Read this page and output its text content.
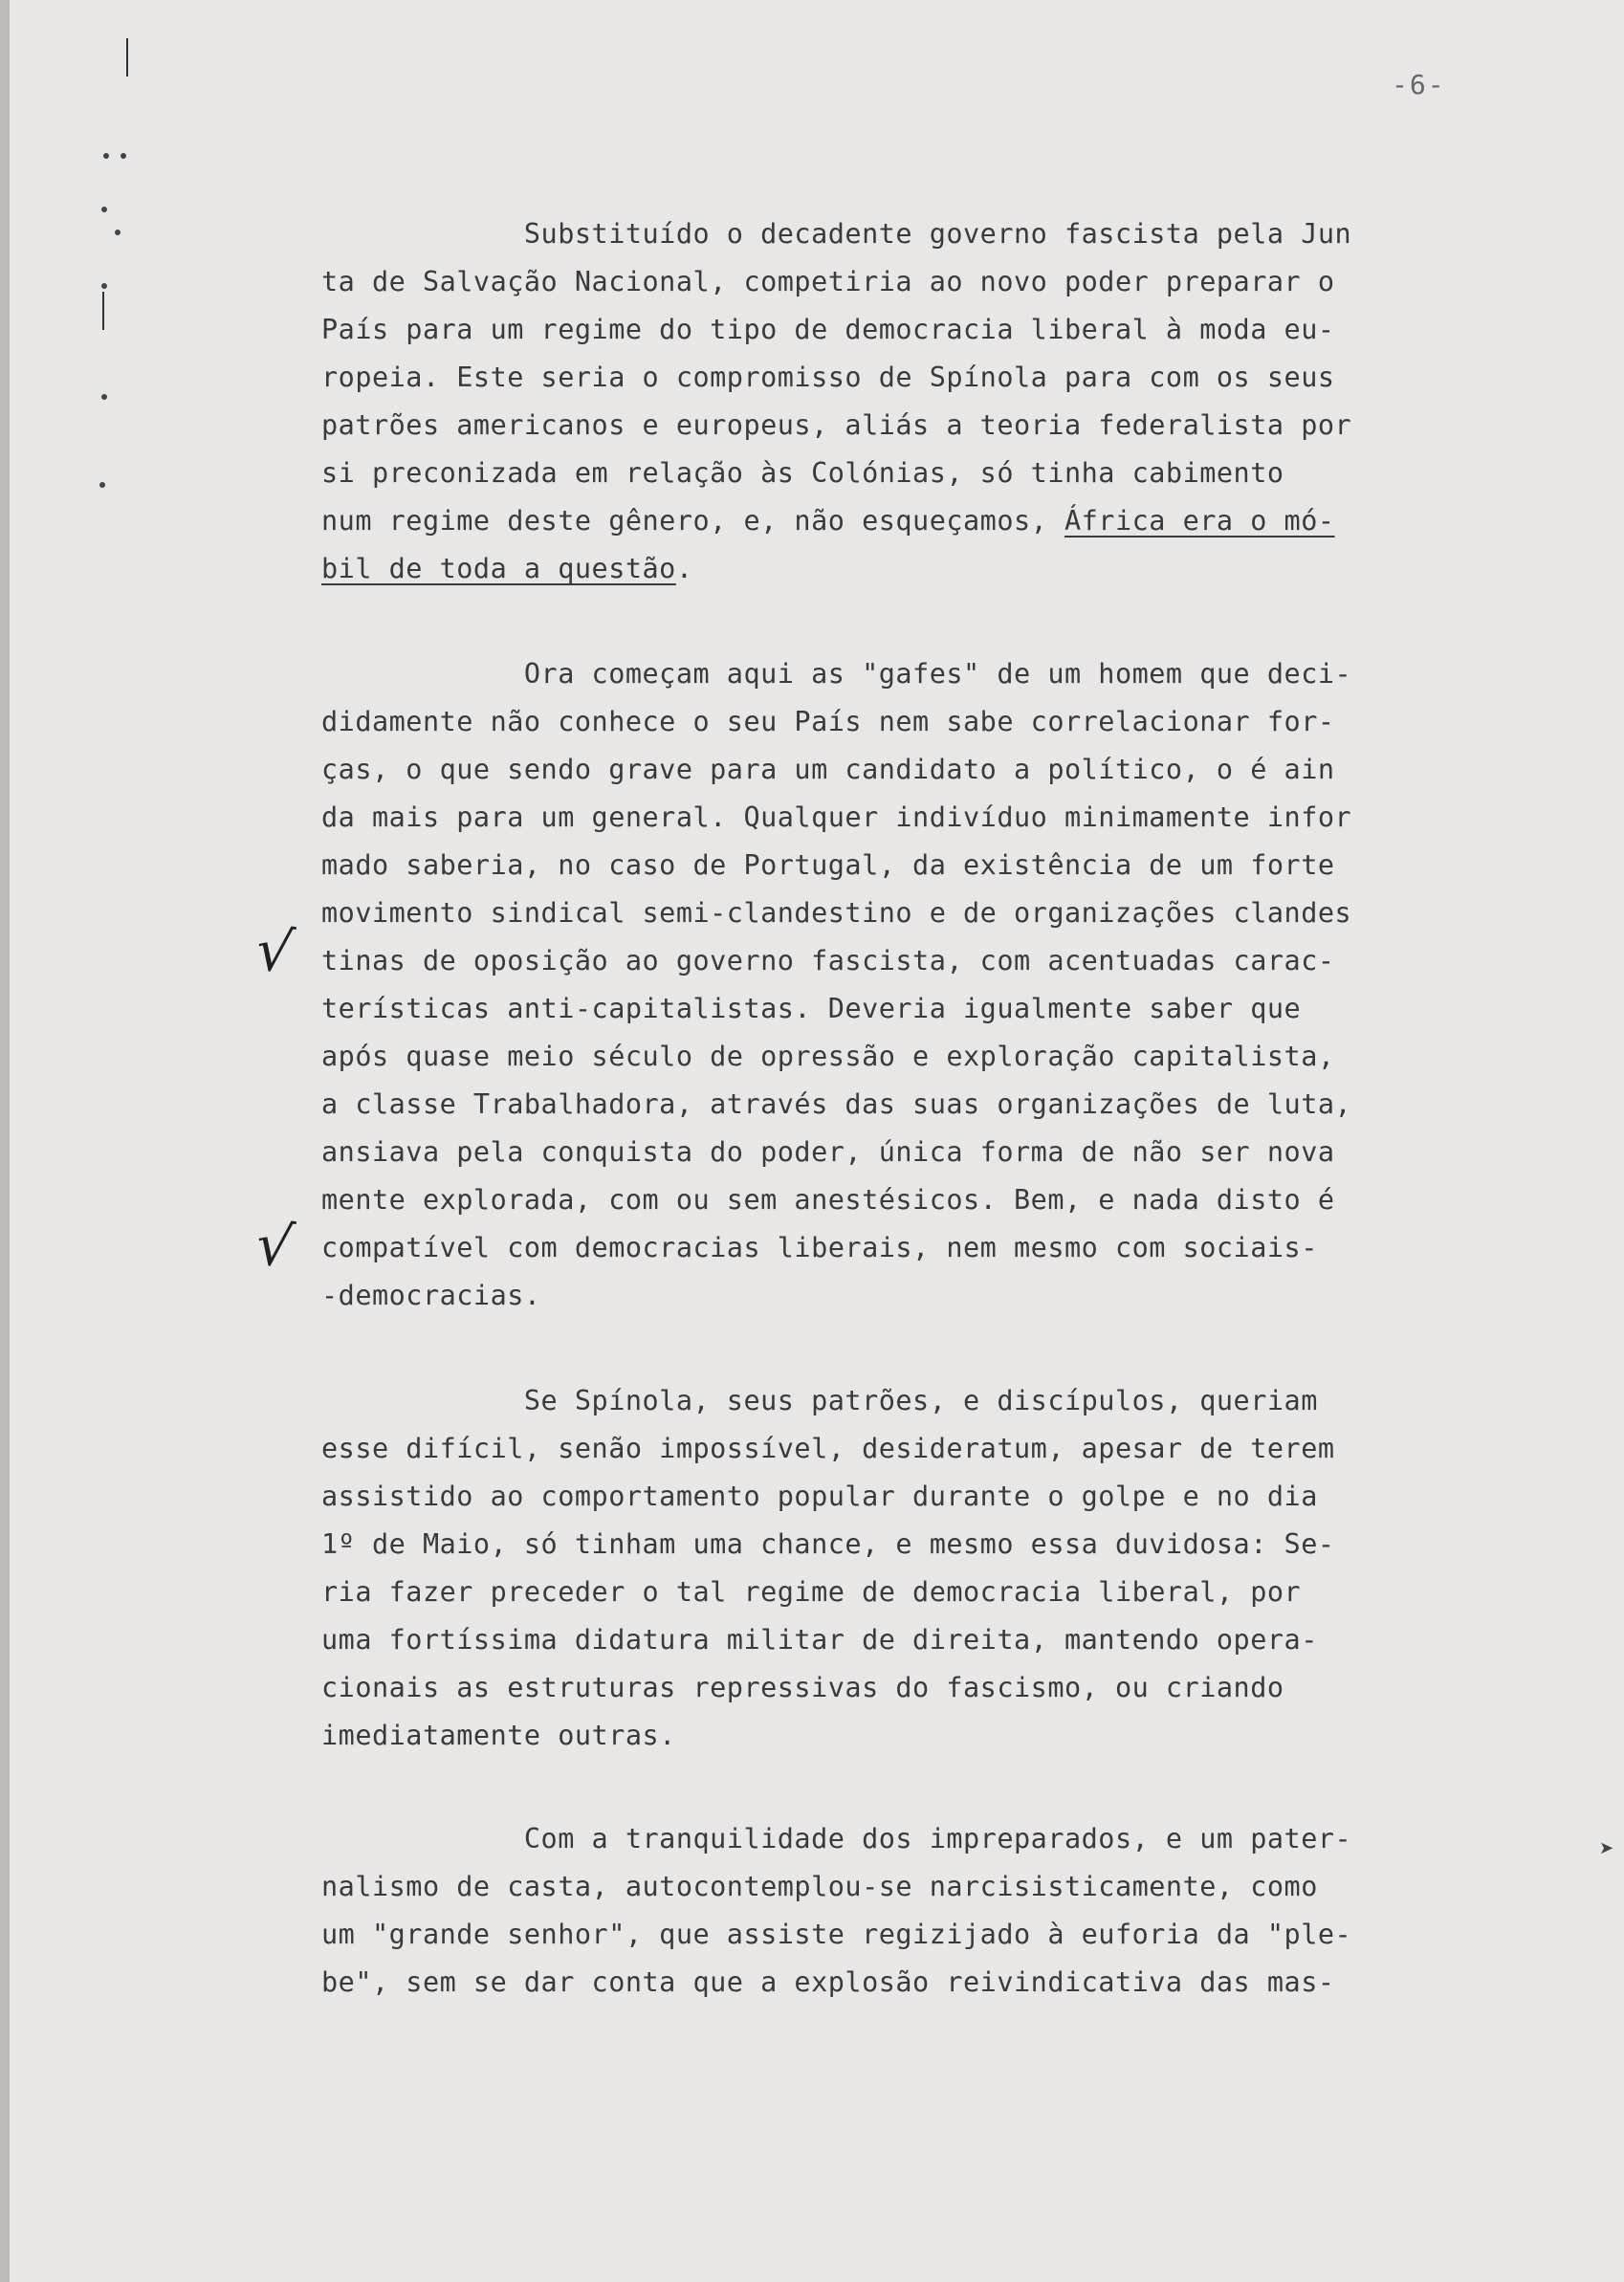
-6-

Substituído o decadente governo fascista pela Jun

ta de Salvação Nacional, competiria ao novo poder preparar o

País para um regime do tipo de democracia liberal à moda eu-

ropeia. Este seria o compromisso de Spínola para com os seus

patrões americanos e europeus, aliás a teoria federalista por

si preconizada em relação às Colónias, só tinha cabimento

num regime deste gênero, e, não esqueçamos, África era o mó-

bil de toda a questão.

Ora começam aqui as "gafes" de um homem que deci-

didamente não conhece o seu País nem sabe correlacionar for-

ças, o que sendo grave para um candidato a político, o é ain

da mais para um general. Qualquer indivíduo minimamente infor

mado saberia, no caso de Portugal, da existência de um forte

movimento sindical semi-clandestino e de organizações clandes

tinas de oposição ao governo fascista, com acentuadas carac-

terísticas anti-capitalistas. Deveria igualmente saber que

após quase meio século de opressão e exploração capitalista,

a classe Trabalhadora, através das suas organizações de luta,

ansiava pela conquista do poder, única forma de não ser nova

mente explorada, com ou sem anestésicos. Bem, e nada disto é

compatível com democracias liberais, nem mesmo com sociais-

-democracias.

Se Spínola, seus patrões, e discípulos, queriam

esse difícil, senão impossível, desideratum, apesar de terem

assistido ao comportamento popular durante o golpe e no dia

1º de Maio, só tinham uma chance, e mesmo essa duvidosa: Se-

ria fazer preceder o tal regime de democracia liberal, por

uma fortíssima didatura militar de direita, mantendo opera-

cionais as estruturas repressivas do fascismo, ou criando

imediatamente outras.

Com a tranquilidade dos impreparados, e um pater-

nalismo de casta, autocontemplou-se narcisisticamente, como

um "grande senhor", que assiste regizijado à euforia da "ple-

be", sem se dar conta que a explosão reivindicativa das mas-

√
√
➤
